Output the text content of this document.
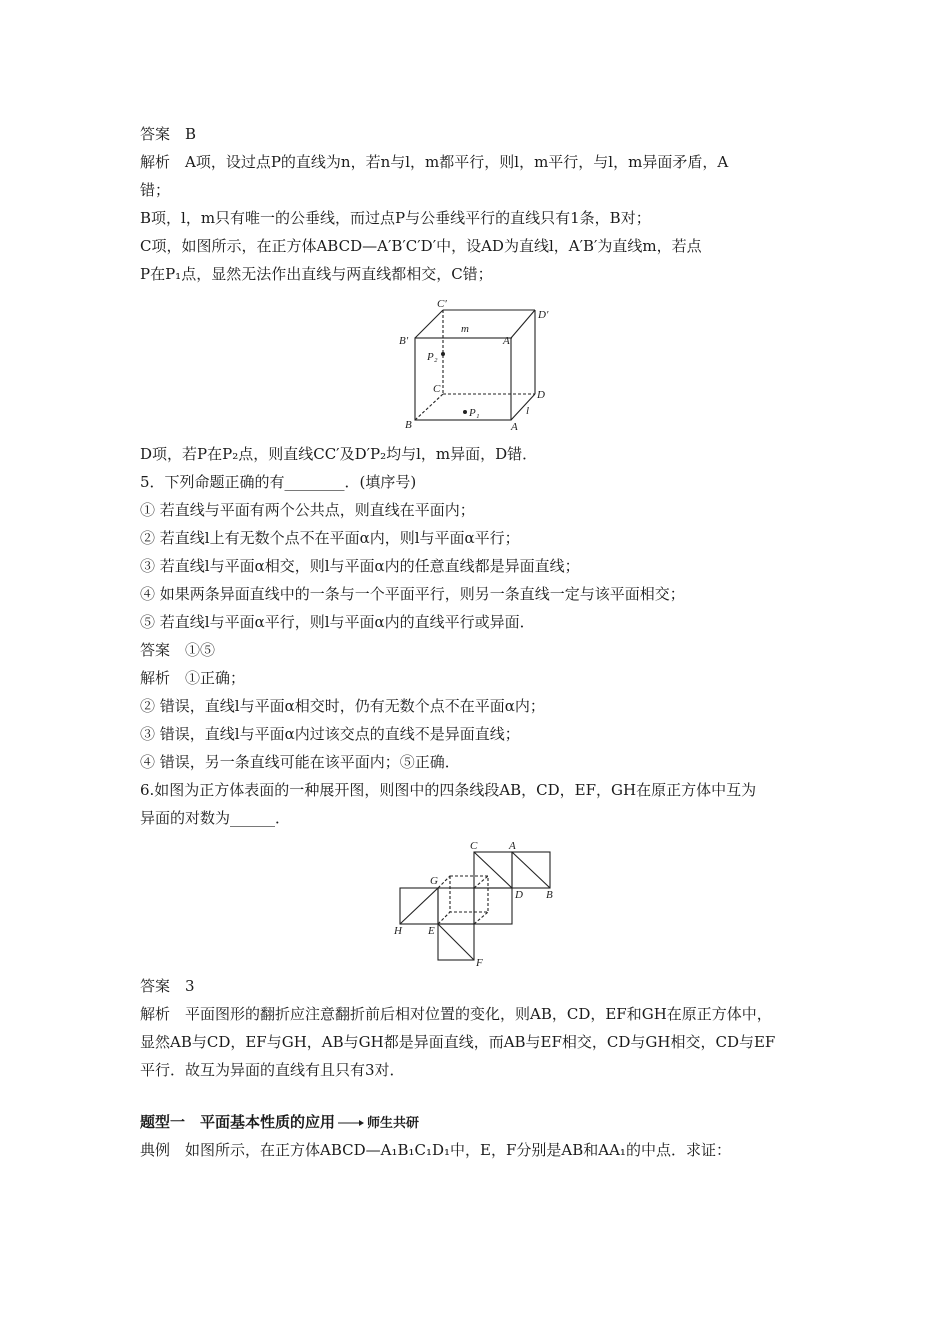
答案　B
解析　A项，设过点P的直线为n，若n与l，m都平行，则l，m平行，与l，m异面矛盾，A
错；
B项，l，m只有唯一的公垂线，而过点P与公垂线平行的直线只有1条，B对；
C项，如图所示，在正方体ABCD—A′B′C′D′中，设AD为直线l，A′B′为直线m，若点
P在P₁点，显然无法作出直线与两直线都相交，C错；
C′
D′
m
B′	A′
P₂
C	D
P₁	l
B	A
D项，若P在P₂点，则直线CC′及D′P₂均与l，m异面，D错．
5．下列命题正确的有________．(填序号)
① 若直线与平面有两个公共点，则直线在平面内；
② 若直线l上有无数个点不在平面α内，则l与平面α平行；
③ 若直线l与平面α相交，则l与平面α内的任意直线都是异面直线；
④ 如果两条异面直线中的一条与一个平面平行，则另一条直线一定与该平面相交；
⑤ 若直线l与平面α平行，则l与平面α内的直线平行或异面．
答案　①⑤
解析　①正确；
② 错误，直线l与平面α相交时，仍有无数个点不在平面α内；
③ 错误，直线l与平面α内过该交点的直线不是异面直线；
④ 错误，另一条直线可能在该平面内；⑤正确．
6.如图为正方体表面的一种展开图，则图中的四条线段AB，CD，EF，GH在原正方体中互为
异面的对数为______．
C	A
G
D B
H E
F
答案　3
解析　平面图形的翻折应注意翻折前后相对位置的变化，则AB，CD，EF和GH在原正方体中，
显然AB与CD，EF与GH，AB与GH都是异面直线，而AB与EF相交，CD与GH相交，CD与EF
平行．故互为异面的直线有且只有3对．
题型一　平面基本性质的应用 师生共研
典例　如图所示，在正方体ABCD—A₁B₁C₁D₁中，E，F分别是AB和AA₁的中点．求证：
